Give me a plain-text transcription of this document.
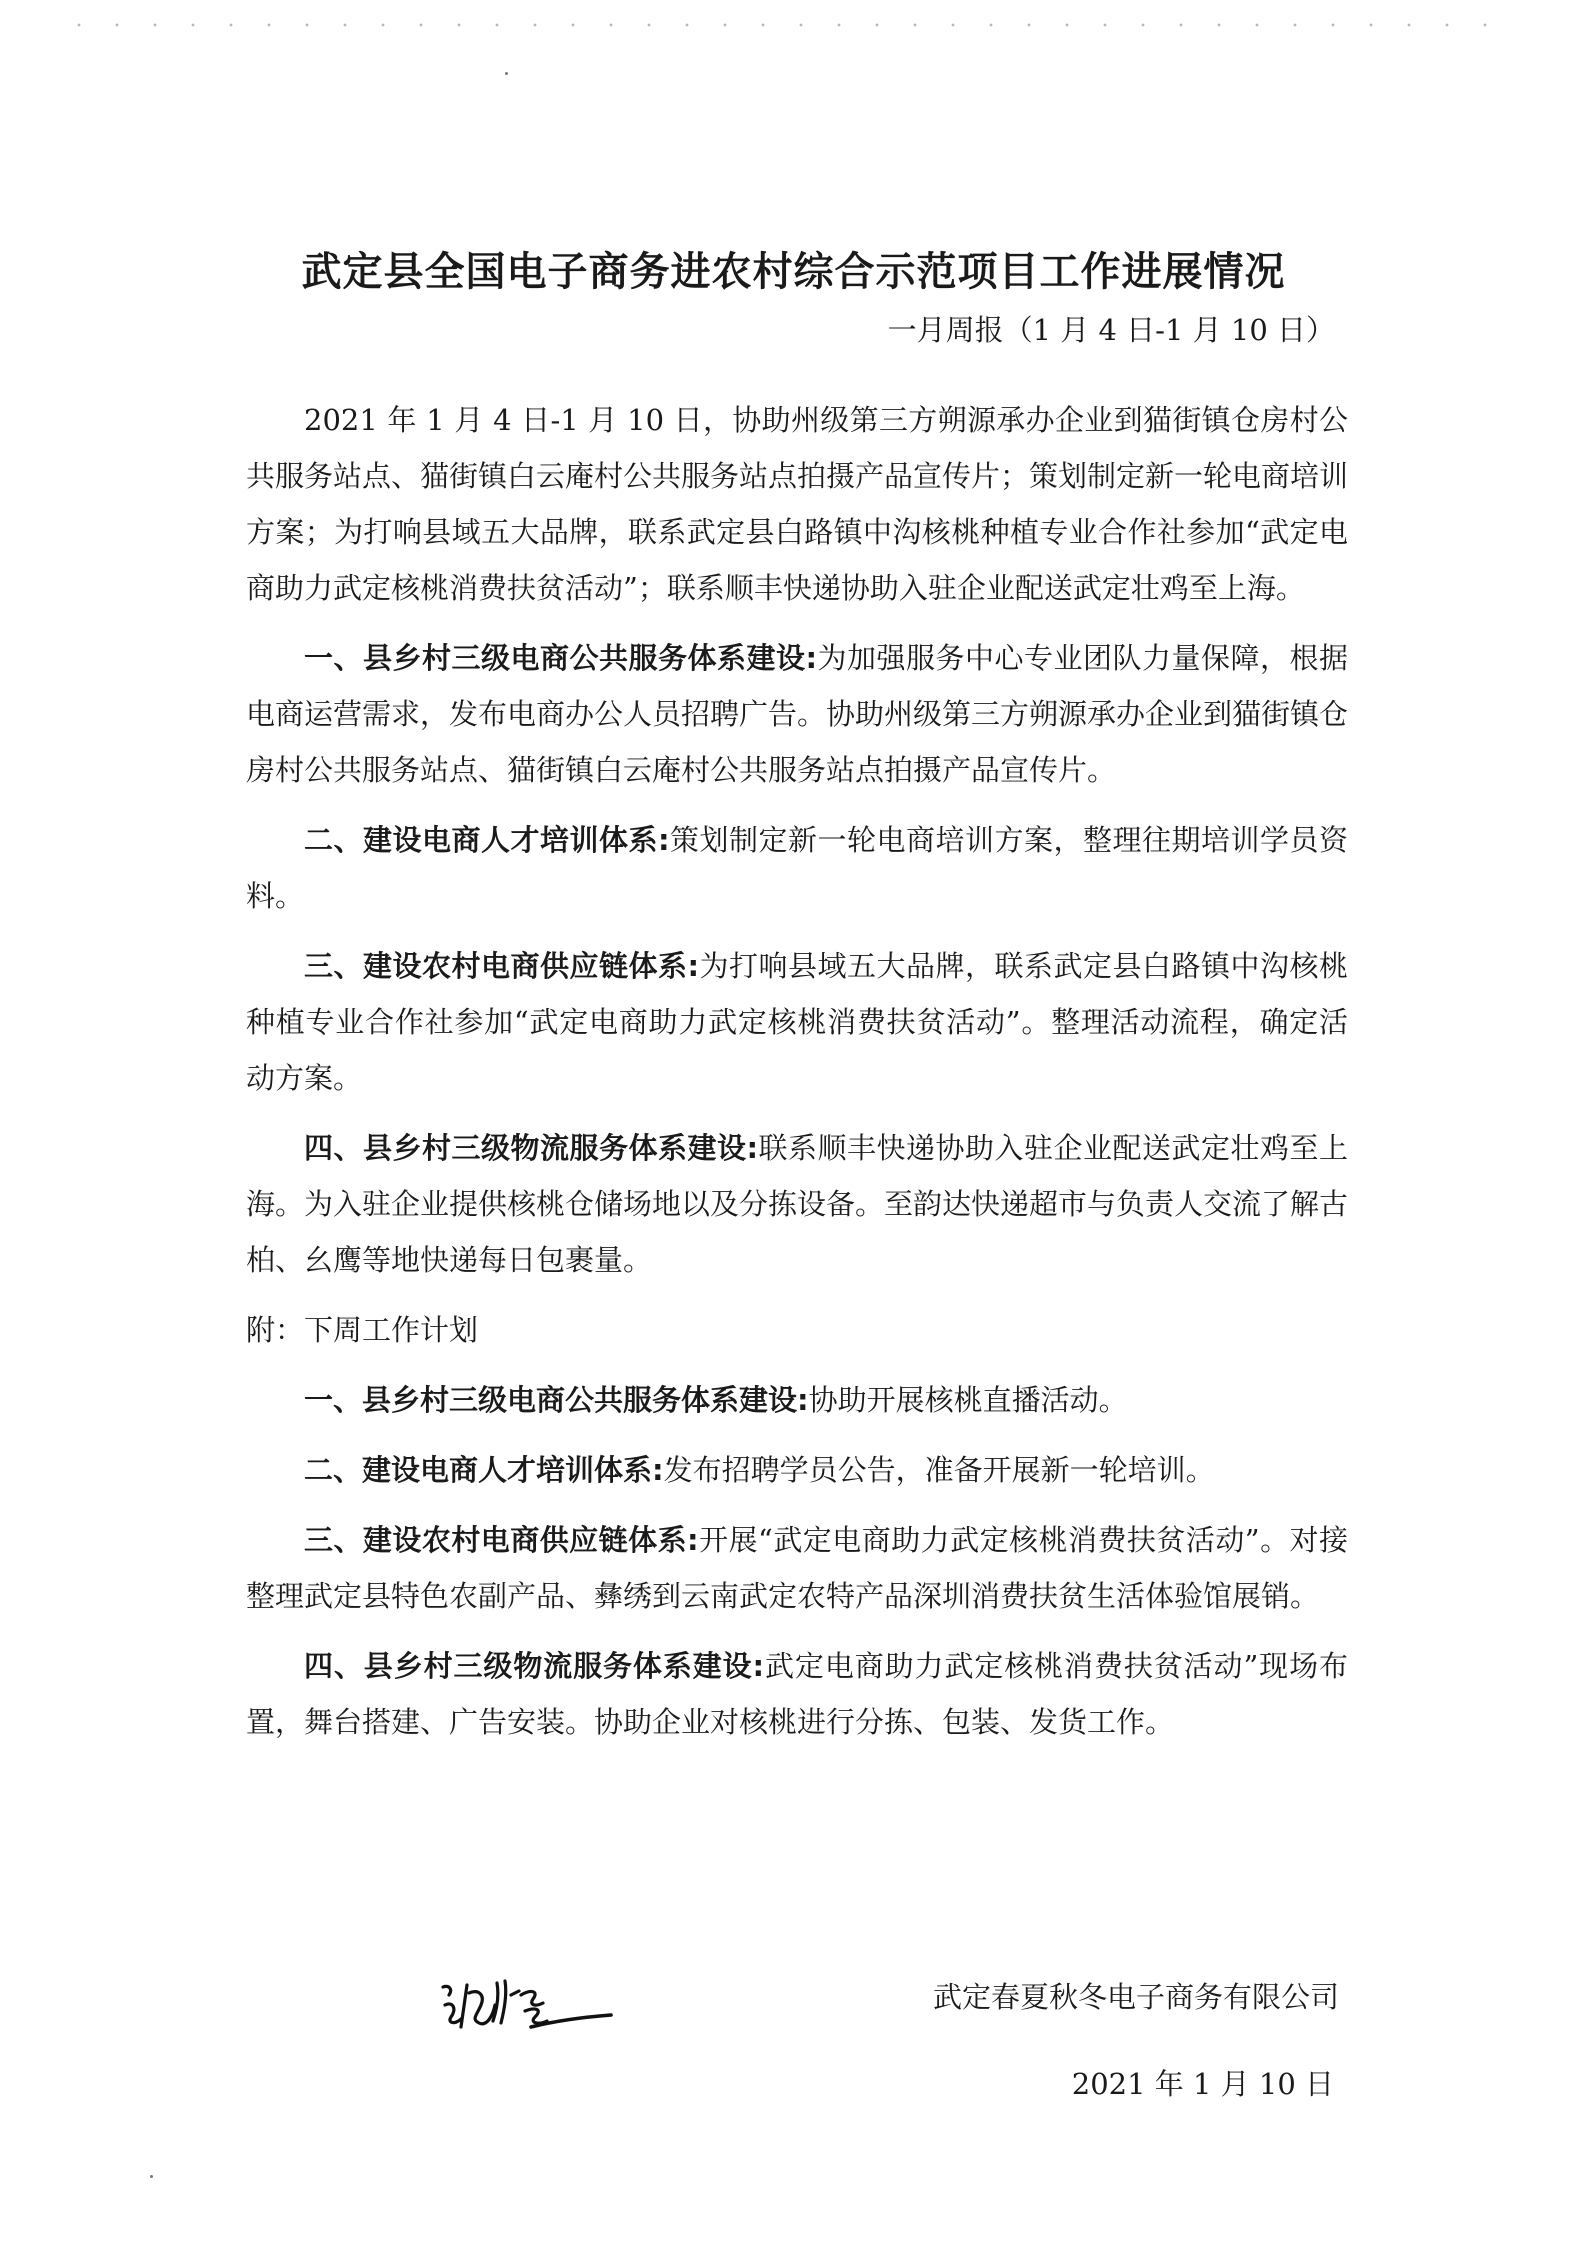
武定县全国电子商务进农村综合示范项目工作进展情况
一月周报（1 月 4 日-1 月 10 日）

2021 年 1 月 4 日-1 月 10 日，协助州级第三方朔源承办企业到猫街镇仓房村公共服务站点、猫街镇白云庵村公共服务站点拍摄产品宣传片；策划制定新一轮电商培训方案；为打响县域五大品牌，联系武定县白路镇中沟核桃种植专业合作社参加“武定电商助力武定核桃消费扶贫活动”；联系顺丰快递协助入驻企业配送武定壮鸡至上海。

一、县乡村三级电商公共服务体系建设:为加强服务中心专业团队力量保障，根据电商运营需求，发布电商办公人员招聘广告。协助州级第三方朔源承办企业到猫街镇仓房村公共服务站点、猫街镇白云庵村公共服务站点拍摄产品宣传片。

二、建设电商人才培训体系:策划制定新一轮电商培训方案，整理往期培训学员资料。

三、建设农村电商供应链体系:为打响县域五大品牌，联系武定县白路镇中沟核桃种植专业合作社参加“武定电商助力武定核桃消费扶贫活动”。整理活动流程，确定活动方案。

四、县乡村三级物流服务体系建设:联系顺丰快递协助入驻企业配送武定壮鸡至上海。为入驻企业提供核桃仓储场地以及分拣设备。至韵达快递超市与负责人交流了解古柏、幺鹰等地快递每日包裹量。

附：下周工作计划

一、县乡村三级电商公共服务体系建设:协助开展核桃直播活动。

二、建设电商人才培训体系:发布招聘学员公告，准备开展新一轮培训。

三、建设农村电商供应链体系:开展“武定电商助力武定核桃消费扶贫活动”。对接整理武定县特色农副产品、彝绣到云南武定农特产品深圳消费扶贫生活体验馆展销。

四、县乡村三级物流服务体系建设:武定电商助力武定核桃消费扶贫活动”现场布置，舞台搭建、广告安装。协助企业对核桃进行分拣、包装、发货工作。

武定春夏秋冬电子商务有限公司
2021 年 1 月 10 日
